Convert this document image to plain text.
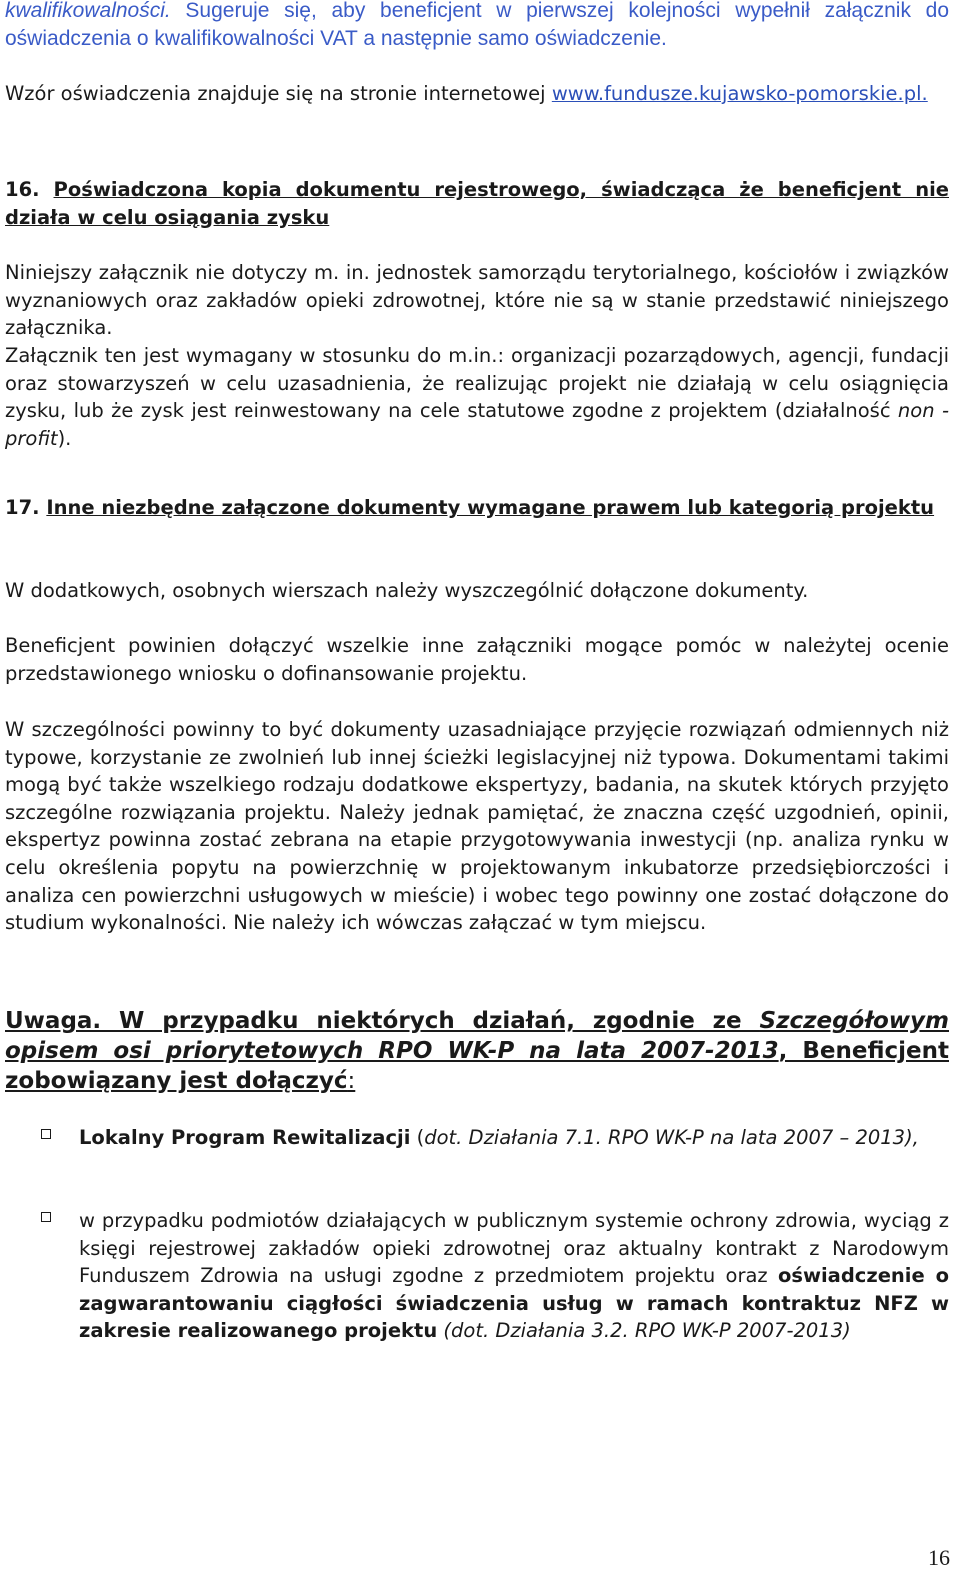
kwalifikowalności. Sugeruje się, aby beneficjent w pierwszej kolejności wypełnił załącznik do oświadczenia o kwalifikowalności VAT a następnie samo oświadczenie.

Wzór oświadczenia znajduje się na stronie internetowej www.fundusze.kujawsko-pomorskie.pl.

16. Poświadczona kopia dokumentu rejestrowego, świadcząca że beneficjent nie działa w celu osiągania zysku

Niniejszy załącznik nie dotyczy m. in. jednostek samorządu terytorialnego, kościołów i związków wyznaniowych oraz zakładów opieki zdrowotnej, które nie są w stanie przedstawić niniejszego załącznika.

Załącznik ten jest wymagany w stosunku do m.in.: organizacji pozarządowych, agencji, fundacji oraz stowarzyszeń w celu uzasadnienia, że realizując projekt nie działają w celu osiągnięcia zysku, lub że zysk jest reinwestowany na cele statutowe zgodne z projektem (działalność non - profit).

17. Inne niezbędne załączone dokumenty wymagane prawem lub kategorią projektu

W dodatkowych, osobnych wierszach należy wyszczególnić dołączone dokumenty.

Beneficjent powinien dołączyć wszelkie inne załączniki mogące pomóc w należytej ocenie przedstawionego wniosku o dofinansowanie projektu.

W szczególności powinny to być dokumenty uzasadniające przyjęcie rozwiązań odmiennych niż typowe, korzystanie ze zwolnień lub innej ścieżki legislacyjnej niż typowa. Dokumentami takimi mogą być także wszelkiego rodzaju dodatkowe ekspertyzy, badania, na skutek których przyjęto szczególne rozwiązania projektu. Należy jednak pamiętać, że znaczna część uzgodnień, opinii, ekspertyz powinna zostać zebrana na etapie przygotowywania inwestycji (np. analiza rynku w celu określenia popytu na powierzchnię w projektowanym inkubatorze przedsiębiorczości i analiza cen powierzchni usługowych w mieście) i wobec tego powinny one zostać dołączone do studium wykonalności. Nie należy ich wówczas załączać w tym miejscu.

Uwaga. W przypadku niektórych działań, zgodnie ze Szczegółowym opisem osi priorytetowych RPO WK-P na lata 2007-2013, Beneficjent zobowiązany jest dołączyć:

Lokalny Program Rewitalizacji (dot. Działania 7.1. RPO WK-P na lata 2007 – 2013),

w przypadku podmiotów działających w publicznym systemie ochrony zdrowia, wyciąg z księgi rejestrowej zakładów opieki zdrowotnej oraz aktualny kontrakt z Narodowym Funduszem Zdrowia na usługi zgodne z przedmiotem projektu oraz oświadczenie o zagwarantowaniu ciągłości świadczenia usług w ramach kontraktuz NFZ w zakresie realizowanego projektu (dot. Działania 3.2. RPO WK-P 2007-2013)

16
